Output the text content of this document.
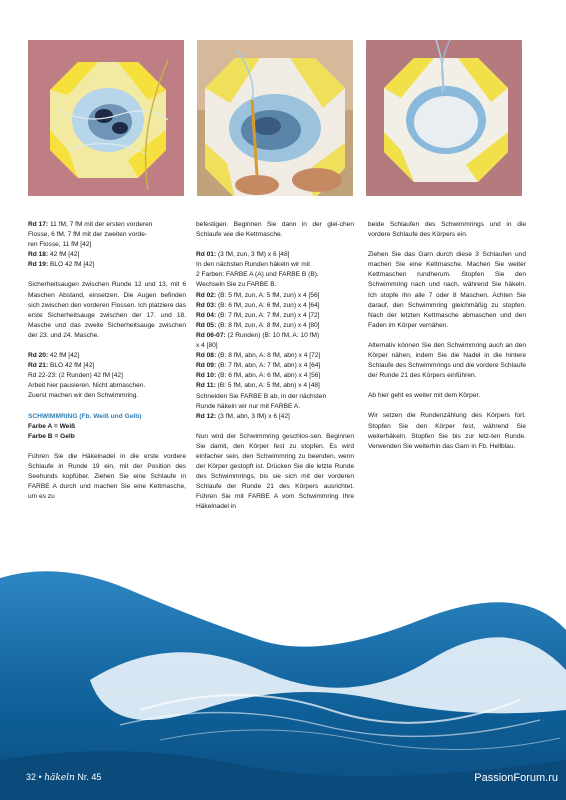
Rd 17: 11 fM, 7 fM mit der ersten vorderen
Flosse, 6 fM, 7 fM mit der zweiten vorde-
ren Flosse, 11 fM [42]
Rd 18: 42 fM [42]
Rd 19: BLO 42 fM [42]
Sicherheitsaugen zwischen Runde 12 und 13, mit 6 Maschen Abstand, einsetzen. Die Augen befinden sich zwischen den vorderen Flossen. Ich platziere das erste Sicherheitsauge zwischen der 17. und 18. Masche und das zweite Sicherheitsauge zwischen der 23. und 24. Masche.
Rd 20: 42 fM [42]
Rd 21: BLO 42 fM [42]
Rd 22-23: (2 Runden) 42 fM [42]
Arbeit hier pausieren. Nicht abmaschen.
Zuerst machen wir den Schwimmring.
SCHWIMMRING (Fb. Weiß und Gelb)
Farbe A = Weiß
Farbe B = Gelb
Führen Sie die Häkelnadel in die erste vordere Schlaufe in Runde 19 ein, mit der Position des Seehunds kopfüber. Ziehen Sie eine Schlaufe in FARBE A durch und machen Sie eine Kettmasche, um es zu
befestigen. Beginnen Sie dann in der glei-chen Schlaufe wie die Kettmasche.
Rd 01: (3 fM, zun, 3 fM) x 6 [48]
In den nächsten Runden häkeln wir mit
2 Farben: FARBE A (A) und FARBE B (B).
Wechseln Sie zu FARBE B.
Rd 02: (B: 5 fM, zun, A: 5 fM, zun) x 4 [56]
Rd 03: (B: 6 fM, zun, A: 6 fM, zun) x 4 [64]
Rd 04: (B: 7 fM, zun, A: 7 fM, zun) x 4 [72]
Rd 05: (B: 8 fM, zun, A: 8 fM, zun) x 4 [80]
Rd 06-07: (2 Runden) (B: 10 fM, A: 10 fM)
x 4 [80]
Rd 08: (B: 8 fM, abn, A: 8 fM, abn) x 4 [72]
Rd 09: (B: 7 fM, abn, A: 7 fM, abn) x 4 [64]
Rd 10: (B: 6 fM, abn, A: 6 fM, abn) x 4 [56]
Rd 11: (B: 5 fM, abn, A: 5 fM, abn) x 4 [48]
Schneiden Sie FARBE B ab, in der nächsten
Runde häkeln wir nur mit FARBE A.
Rd 12: (3 fM, abn, 3 fM) x 6 [42]
Nun wird der Schwimmring geschlos-sen. Beginnen Sie damit, den Körper fest zu stopfen. Es wird einfacher sein, den Schwimmring zu beenden, wenn der Körper gestopft ist. Drücken Sie die letzte Runde des Schwimmrings, bis sie sich mit der vorderen Schlaufe der Runde 21 des Körpers ausrichtet. Führen Sie mit FARBE A vom Schwimmring Ihre Häkelnadel in
beide Schlaufen des Schwimmrings und in die vordere Schlaufe des Körpers ein.
Ziehen Sie das Garn durch diese 3 Schlaufen und machen Sie eine Kettmasche. Machen Sie weiter Kettmaschen rundherum. Stopfen Sie den Schwimmring nach und nach, während Sie häkeln. Ich stopfe ihn alle 7 oder 8 Maschen. Achten Sie darauf, den Schwimmring gleichmäßig zu stopfen. Nach der letzten Kettmasche abmaschen und den Faden im Körper vernähen.
Alternativ können Sie den Schwimmring auch an den Körper nähen, indem Sie die Nadel in die hintere Schlaufe des Schwimmrings und die vordere Schlaufe der Runde 21 des Körpers einführen.
Ab hier geht es weiter mit dem Körper.
Wir setzen die Rundenzählung des Körpers fort. Stopfen Sie den Körper fest, während Sie weiterhäkeln. Stopfen Sie bis zur letz-ten Runde. Verwenden Sie weiterhin das Garn in Fb. Hellblau.
32 • häkeln Nr. 45	PassionForum.ru
